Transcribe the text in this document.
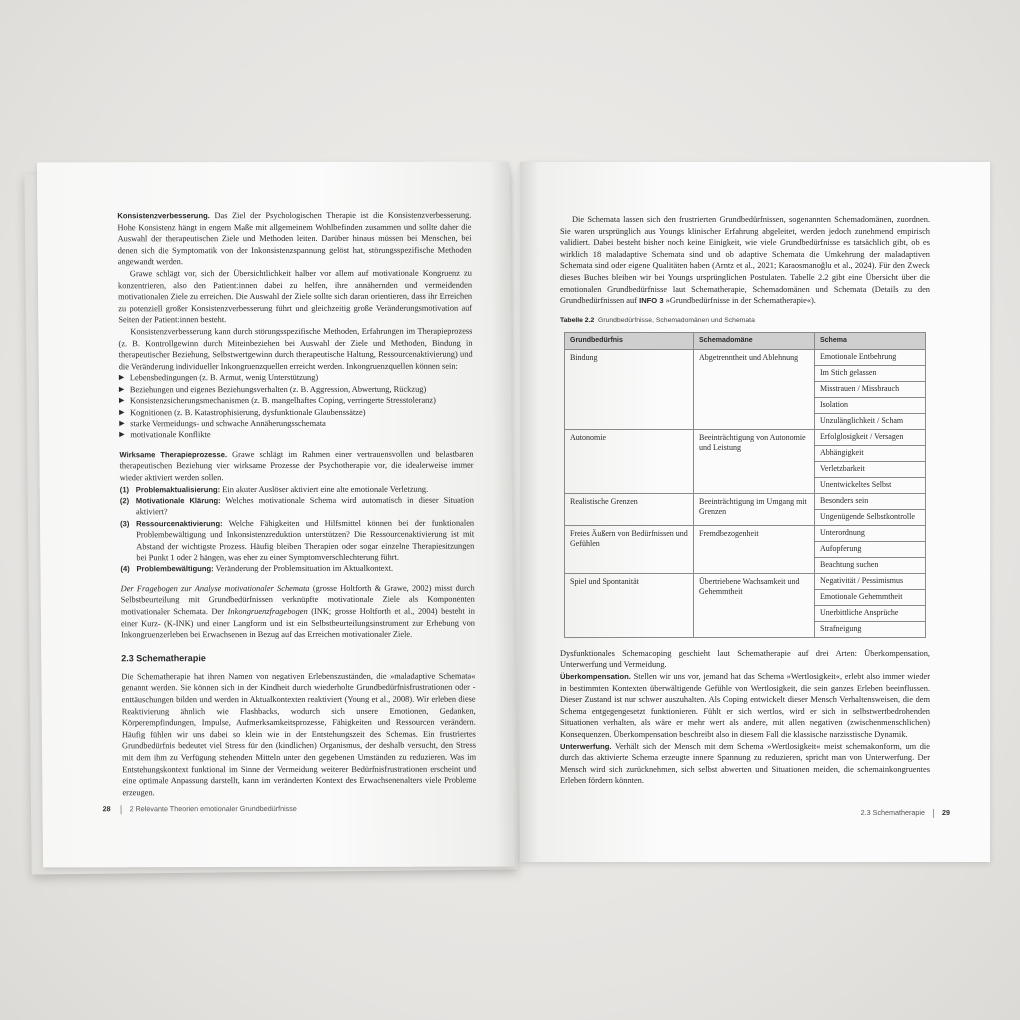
Konsistenzverbesserung. Das Ziel der Psychologischen Therapie ist die Konsistenzverbesserung. Hohe Konsistenz hängt in engem Maße mit allgemeinem Wohlbefinden zusammen und sollte daher die Auswahl der therapeutischen Ziele und Methoden leiten. Darüber hinaus müssen bei Menschen, bei denen sich die Symptomatik von der Inkonsistenzspannung gelöst hat, störungsspezifische Methoden angewandt werden.

Grawe schlägt vor, sich der Übersichtlichkeit halber vor allem auf motivationale Kongruenz zu konzentrieren, also den Patient:innen dabei zu helfen, ihre annähernden und vermeidenden motivationalen Ziele zu erreichen. Die Auswahl der Ziele sollte sich daran orientieren, dass ihr Erreichen zu potenziell großer Konsistenzverbesserung führt und gleichzeitig große Veränderungsmotivation auf Seiten der Patient:innen besteht.

Konsistenzverbesserung kann durch störungsspezifische Methoden, Erfahrungen im Therapieprozess (z. B. Kontrollgewinn durch Miteinbeziehen bei Auswahl der Ziele und Methoden, Bindung in therapeutischer Beziehung, Selbstwertgewinn durch therapeutische Haltung, Ressourcenaktivierung) und die Veränderung individueller Inkongruenzquellen erreicht werden. Inkongruenzquellen können sein:

▶ Lebensbedingungen (z. B. Armut, wenig Unterstützung)
▶ Beziehungen und eigenes Beziehungsverhalten (z. B. Aggression, Abwertung, Rückzug)
▶ Konsistenzsicherungsmechanismen (z. B. mangelhaftes Coping, verringerte Stresstoleranz)
▶ Kognitionen (z. B. Katastrophisierung, dysfunktionale Glaubenssätze)
▶ starke Vermeidungs- und schwache Annäherungsschemata
▶ motivationale Konflikte

Wirksame Therapieprozesse. Grawe schlägt im Rahmen einer vertrauensvollen und belastbaren therapeutischen Beziehung vier wirksame Prozesse der Psychotherapie vor, die idealerweise immer wieder aktiviert werden sollen.

(1) Problemaktualisierung: Ein akuter Auslöser aktiviert eine alte emotionale Verletzung.
(2) Motivationale Klärung: Welches motivationale Schema wird automatisch in dieser Situation aktiviert?
(3) Ressourcenaktivierung: Welche Fähigkeiten und Hilfsmittel können bei der funktionalen Problembewältigung und Inkonsistenzreduktion unterstützen? Die Ressourcenaktivierung ist mit Abstand der wichtigste Prozess. Häufig bleiben Therapien oder sogar einzelne Therapiesitzungen bei Punkt 1 oder 2 hängen, was eher zu einer Symptomverschlechterung führt.
(4) Problembewältigung: Veränderung der Problemsituation im Aktualkontext.

Der Fragebogen zur Analyse motivationaler Schemata (grosse Holtforth & Grawe, 2002) misst durch Selbstbeurteilung mit Grundbedürfnissen verknüpfte motivationale Ziele als Komponenten motivationaler Schemata. Der Inkongruenzfragebogen (INK; grosse Holtforth et al., 2004) besteht in einer Kurz- (K-INK) und einer Langform und ist ein Selbstbeurteilungsinstrument zur Erhebung von Inkongruenzerleben bei Erwachsenen in Bezug auf das Erreichen motivationaler Ziele.

2.3 Schematherapie

Die Schematherapie hat ihren Namen von negativen Erlebenszuständen, die »maladaptive Schemata« genannt werden. Sie können sich in der Kindheit durch wiederholte Grundbedürfnisfrustrationen oder -enttäuschungen bilden und werden in Aktualkontexten reaktiviert (Young et al., 2008). Wir erleben diese Reaktivierung ähnlich wie Flashbacks, wodurch sich unsere Emotionen, Gedanken, Körperempfindungen, Impulse, Aufmerksamkeitsprozesse, Fähigkeiten und Ressourcen verändern. Häufig fühlen wir uns dabei so klein wie in der Entstehungszeit des Schemas. Ein frustriertes Grundbedürfnis bedeutet viel Stress für den (kindlichen) Organismus, der deshalb versucht, den Stress mit dem ihm zu Verfügung stehenden Mitteln unter den gegebenen Umständen zu reduzieren. Was im Entstehungskontext funktional im Sinne der Vermeidung weiterer Bedürfnisfrustrationen erscheint und eine optimale Anpassung darstellt, kann im veränderten Kontext des Erwachsenenalters viele Probleme erzeugen.

28	2 Relevante Theorien emotionaler Grundbedürfnisse

Die Schemata lassen sich den frustrierten Grundbedürfnissen, sogenannten Schemadomänen, zuordnen. Sie waren ursprünglich aus Youngs klinischer Erfahrung abgeleitet, werden jedoch zunehmend empirisch validiert. Dabei besteht bisher noch keine Einigkeit, wie viele Grundbedürfnisse es tatsächlich gibt, ob es wirklich 18 maladaptive Schemata sind und ob adaptive Schemata die Umkehrung der maladaptiven Schemata sind oder eigene Qualitäten haben (Arntz et al., 2021; Karaosmanoğlu et al., 2024). Für den Zweck dieses Buches bleiben wir bei Youngs ursprünglichen Postulaten. Tabelle 2.2 gibt eine Übersicht über die emotionalen Grundbedürfnisse laut Schematherapie, Schemadomänen und Schemata (Details zu den Grundbedürfnissen auf INFO 3 »Grundbedürfnisse in der Schematherapie«).

Tabelle 2.2 Grundbedürfnisse, Schemadomänen und Schemata
Grundbedürfnis	Schemadomäne	Schema
Bindung	Abgetrenntheit und Ablehnung	Emotionale Entbehrung
Im Stich gelassen
Misstrauen / Missbrauch
Isolation
Unzulänglichkeit / Scham

Autonomie	Beeinträchtigung von Autonomie und Leistung	Erfolglosigkeit / Versagen
Abhängigkeit
Verletzbarkeit
Unentwickeltes Selbst

Realistische Grenzen	Beeinträchtigung im Umgang mit Grenzen	Besonders sein
Ungenügende Selbstkontrolle

Freies Äußern von Bedürfnissen und Gefühlen	Fremdbezogenheit	Unterordnung
Aufopferung
Beachtung suchen

Spiel und Spontanität	Übertriebene Wachsamkeit und Gehemmtheit	Negativität / Pessimismus
Emotionale Gehemmtheit
Unerbittliche Ansprüche
Strafneigung

Dysfunktionales Schemacoping geschieht laut Schematherapie auf drei Arten: Überkompensation, Unterwerfung und Vermeidung.

Überkompensation. Stellen wir uns vor, jemand hat das Schema »Wertlosigkeit«, erlebt also immer wieder in bestimmten Kontexten überwältigende Gefühle von Wertlosigkeit, die sein ganzes Erleben beeinflussen. Dieser Zustand ist nur schwer auszuhalten. Als Coping entwickelt dieser Mensch Verhaltensweisen, die dem Schema entgegengesetzt funktionieren. Fühlt er sich wertlos, wird er sich in selbstwertbedrohenden Situationen verhalten, als wäre er mehr wert als andere, mit allen negativen (zwischenmenschlichen) Konsequenzen. Überkompensation beschreibt also in diesem Fall die klassische narzisstische Dynamik.

Unterwerfung. Verhält sich der Mensch mit dem Schema »Wertlosigkeit« meist schemakonform, um die durch das aktivierte Schema erzeugte innere Spannung zu reduzieren, spricht man von Unterwerfung. Der Mensch wird sich zurücknehmen, sich selbst abwerten und Situationen meiden, die schemainkongruentes Erleben fördern könnten.

2.3 Schematherapie 29
